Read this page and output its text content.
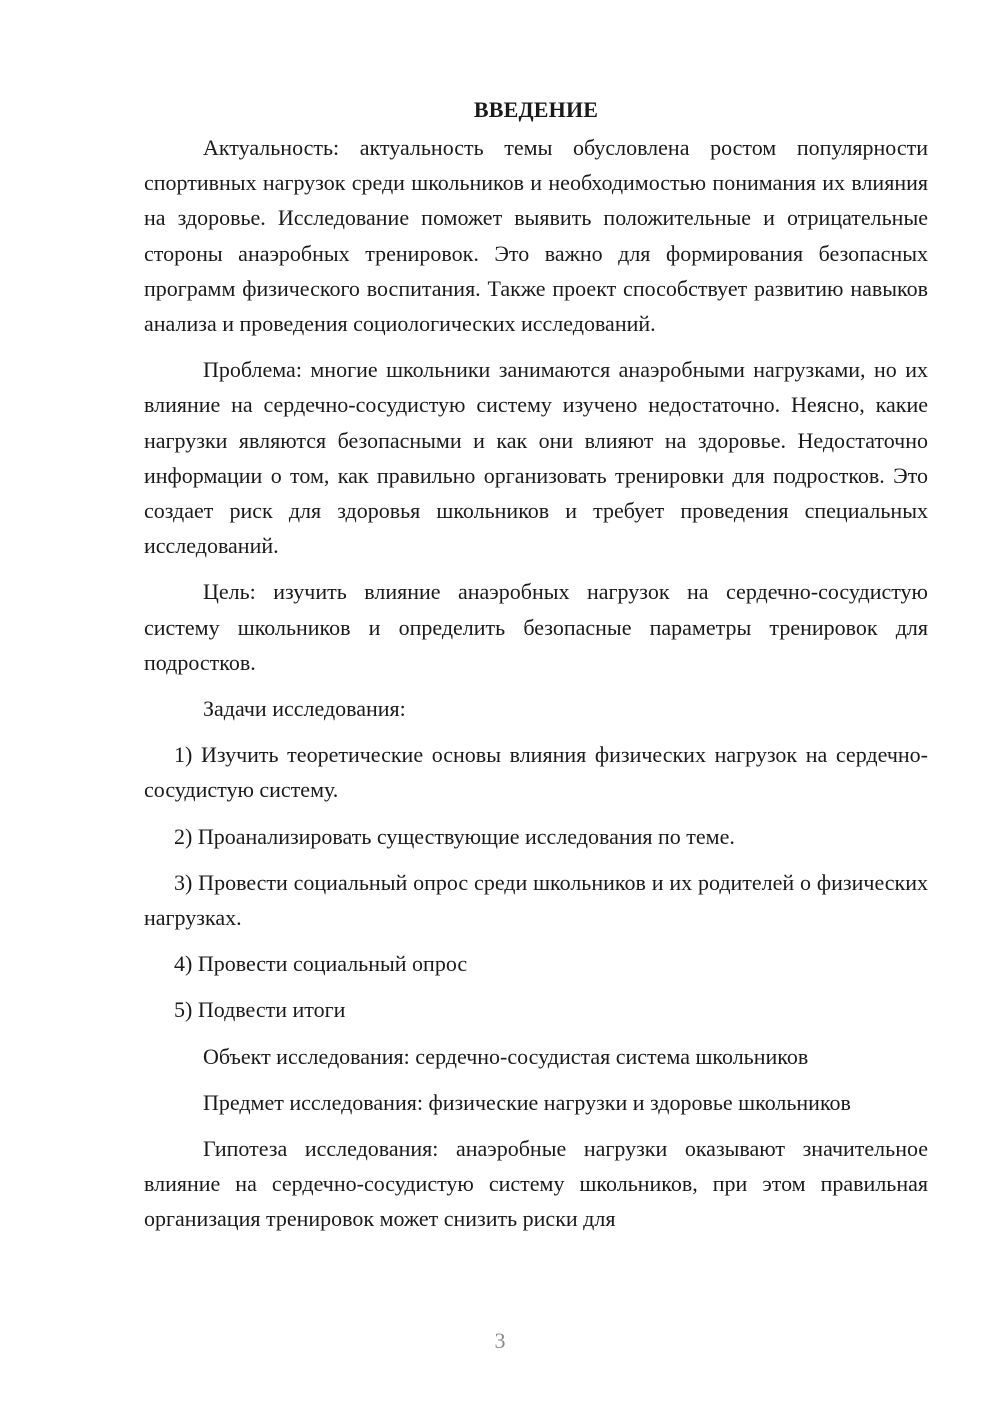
ВВЕДЕНИЕ

Актуальность: актуальность темы обусловлена ростом популярности спортивных нагрузок среди школьников и необходимостью понимания их влияния на здоровье. Исследование поможет выявить положительные и отрицательные стороны анаэробных тренировок. Это важно для формирования безопасных программ физического воспитания. Также проект способствует развитию навыков анализа и проведения социологических исследований.

Проблема: многие школьники занимаются анаэробными нагрузками, но их влияние на сердечно-сосудистую систему изучено недостаточно. Неясно, какие нагрузки являются безопасными и как они влияют на здоровье. Недостаточно информации о том, как правильно организовать тренировки для подростков. Это создает риск для здоровья школьников и требует проведения специальных исследований.

Цель: изучить влияние анаэробных нагрузок на сердечно-сосудистую систему школьников и определить безопасные параметры тренировок для подростков.

Задачи исследования:

1) Изучить теоретические основы влияния физических нагрузок на сердечно-сосудистую систему.

2) Проанализировать существующие исследования по теме.

3) Провести социальный опрос среди школьников и их родителей о физических нагрузках.

4) Провести социальный опрос

5) Подвести итоги

Объект исследования: сердечно-сосудистая система школьников

Предмет исследования: физические нагрузки и здоровье школьников

Гипотеза исследования: анаэробные нагрузки оказывают значительное влияние на сердечно-сосудистую систему школьников, при этом правильная организация тренировок может снизить риски для

3
